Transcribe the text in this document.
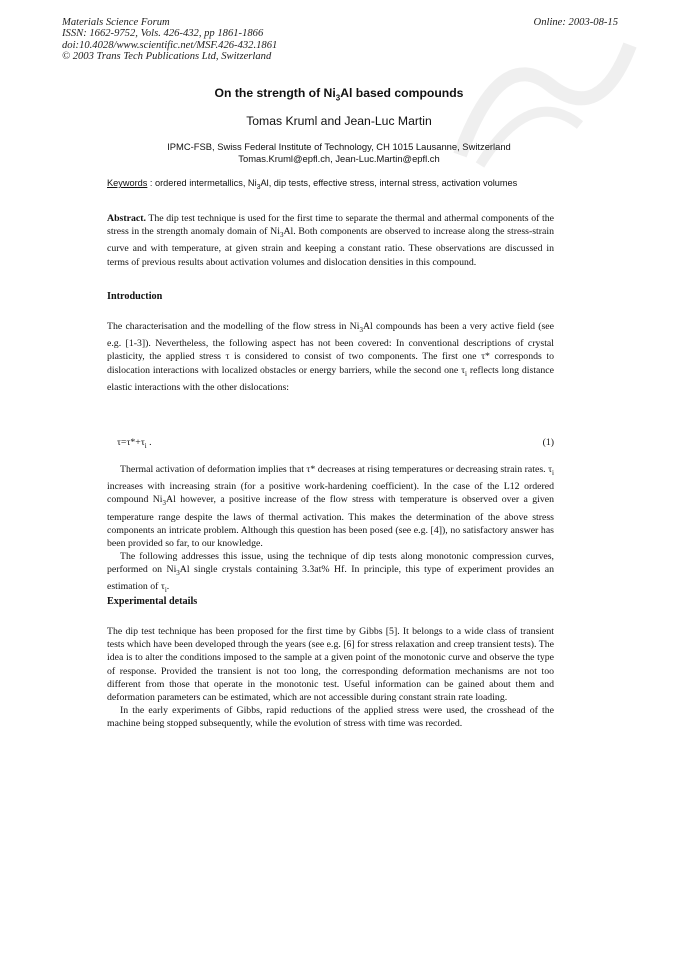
Materials Science Forum
ISSN: 1662-9752, Vols. 426-432, pp 1861-1866
doi:10.4028/www.scientific.net/MSF.426-432.1861
© 2003 Trans Tech Publications Ltd, Switzerland
Online: 2003-08-15
On the strength of $Ni_3Al$ based compounds
Tomas Kruml and Jean-Luc Martin
IPMC-FSB, Swiss Federal Institute of Technology, CH 1015 Lausanne, Switzerland
Tomas.Kruml@epfl.ch, Jean-Luc.Martin@epfl.ch
Keywords : ordered intermetallics, $Ni_3Al$, dip tests, effective stress, internal stress, activation volumes

Abstract. The dip test technique is used for the first time to separate the thermal and athermal components of the stress in the strength anomaly domain of $Ni_3Al$. Both components are observed to increase along the stress-strain curve and with temperature, at given strain and keeping a constant ratio. These observations are discussed in terms of previous results about activation volumes and dislocation densities in this compound.

Introduction

The characterisation and the modelling of the flow stress in $Ni_3Al$ compounds has been a very active field (see e.g. [1-3]). Nevertheless, the following aspect has not been covered: In conventional descriptions of crystal plasticity, the applied stress τ is considered to consist of two components. The first one τ* corresponds to dislocation interactions with localized obstacles or energy barriers, while the second one $\tau_i$ reflects long distance elastic interactions with the other dislocations:

$\tau=\tau*+\tau_i$ .	(1)

Thermal activation of deformation implies that τ* decreases at rising temperatures or decreasing strain rates. $\tau_i$ increases with increasing strain (for a positive work-hardening coefficient). In the case of the L12 ordered compound $Ni_3Al$ however, a positive increase of the flow stress with temperature is observed over a given temperature range despite the laws of thermal activation. This makes the determination of the above stress components an intricate problem. Although this question has been posed (see e.g. [4]), no satisfactory answer has been provided so far, to our knowledge.

The following addresses this issue, using the technique of dip tests along monotonic compression curves, performed on $Ni_3Al$ single crystals containing 3.3at% Hf. In principle, this type of experiment provides an estimation of $\tau_i$.

Experimental details

The dip test technique has been proposed for the first time by Gibbs [5]. It belongs to a wide class of transient tests which have been developed through the years (see e.g. [6] for stress relaxation and creep transient tests). The idea is to alter the conditions imposed to the sample at a given point of the monotonic curve and observe the type of response. Provided the transient is not too long, the corresponding deformation mechanisms are not too different from those that operate in the monotonic test. Useful information can be gained about them and deformation parameters can be estimated, which are not accessible during constant strain rate loading.

In the early experiments of Gibbs, rapid reductions of the applied stress were used, the crosshead of the machine being stopped subsequently, while the evolution of stress with time was recorded.
